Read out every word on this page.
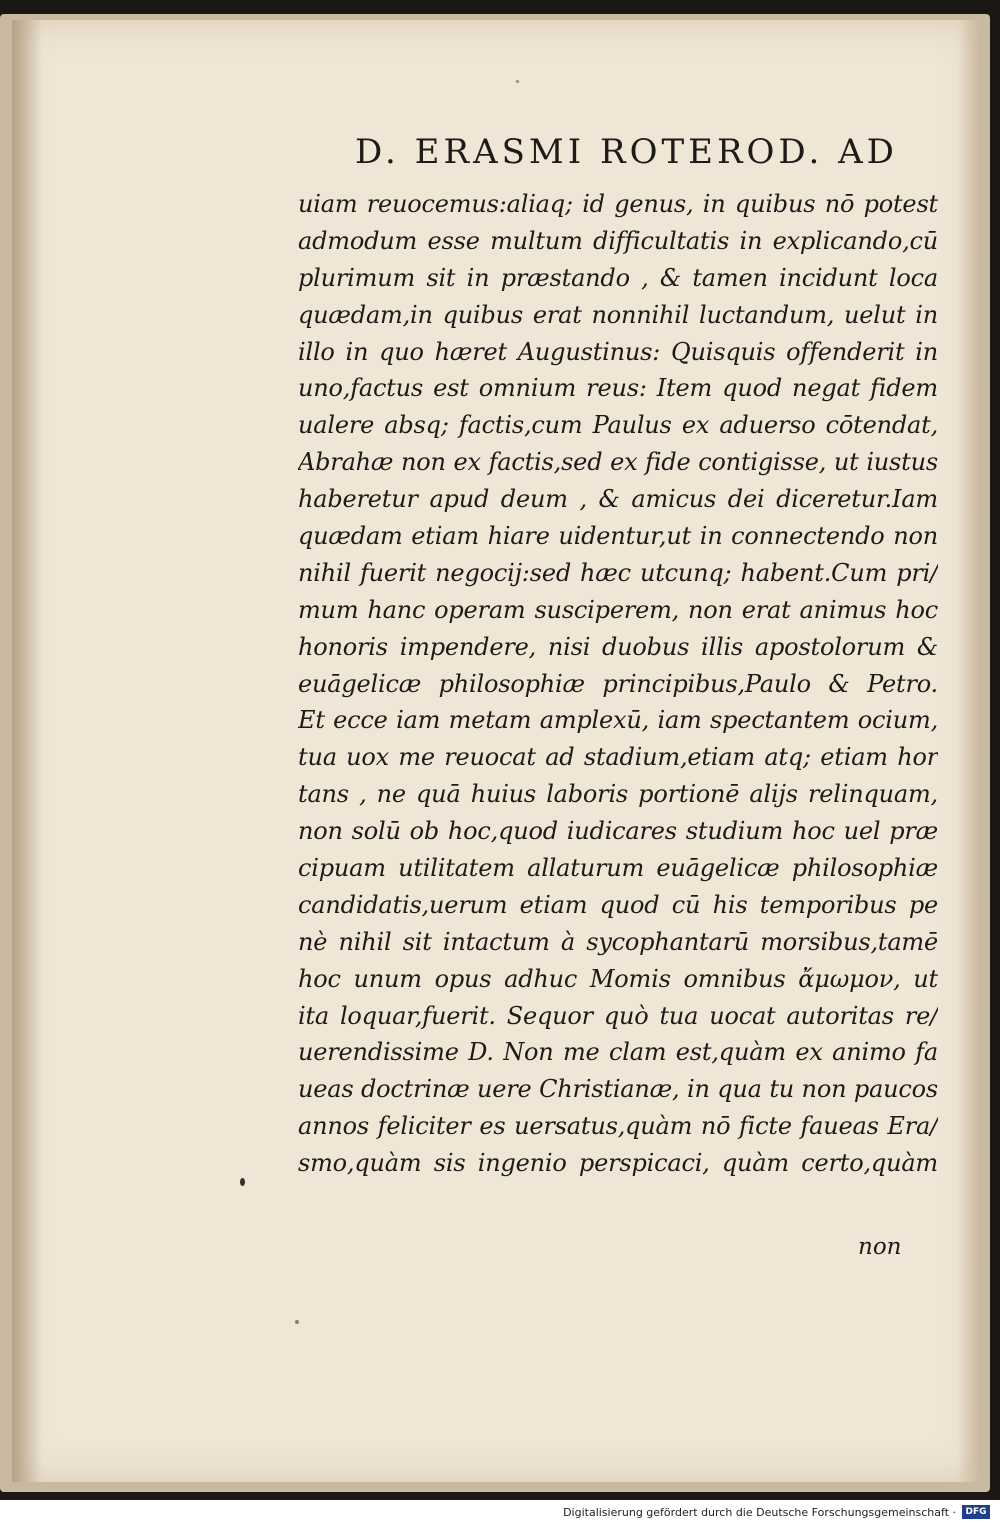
D. ERASMI ROTEROD. AD
uiam reuocemus:aliaq; id genus, in quibus nō potest
admodum esse multum difficultatis in explicando,cū
plurimum sit in præstando , & tamen incidunt loca
quædam,in quibus erat nonnihil luctandum, uelut in
illo in quo hæret Augustinus: Quisquis offenderit in
uno,factus est omnium reus: Item quod negat fidem
ualere absq; factis,cum Paulus ex aduerso cōtendat,
Abrahæ non ex factis,sed ex fide contigisse, ut iustus
haberetur apud deum , & amicus dei diceretur.Iam
quædam etiam hiare uidentur,ut in connectendo non
nihil fuerit negocij:sed hæc utcunq; habent.Cum pri/
mum hanc operam susciperem, non erat animus hoc
honoris impendere, nisi duobus illis apostolorum &
euāgelicæ philosophiæ principibus,Paulo & Petro.
Et ecce iam metam amplexū, iam spectantem ocium,
tua uox me reuocat ad stadium,etiam atq; etiam hor
tans , ne quā huius laboris portionē alijs relinquam,
non solū ob hoc,quod iudicares studium hoc uel præ
cipuam utilitatem allaturum euāgelicæ philosophiæ
candidatis,uerum etiam quod cū his temporibus pe
nè nihil sit intactum à sycophantarū morsibus,tamē
hoc unum opus adhuc Momis omnibus ἄμωμον, ut
ita loquar,fuerit. Sequor quò tua uocat autoritas re/
uerendissime D. Non me clam est,quàm ex animo fa
ueas doctrinæ uere Christianæ, in qua tu non paucos
annos feliciter es uersatus,quàm nō ficte faueas Era/
smo,quàm sis ingenio perspicaci, quàm certo,quàm
non
Digitalisierung gefördert durch die Deutsche Forschungsgemeinschaft ·	DFG
